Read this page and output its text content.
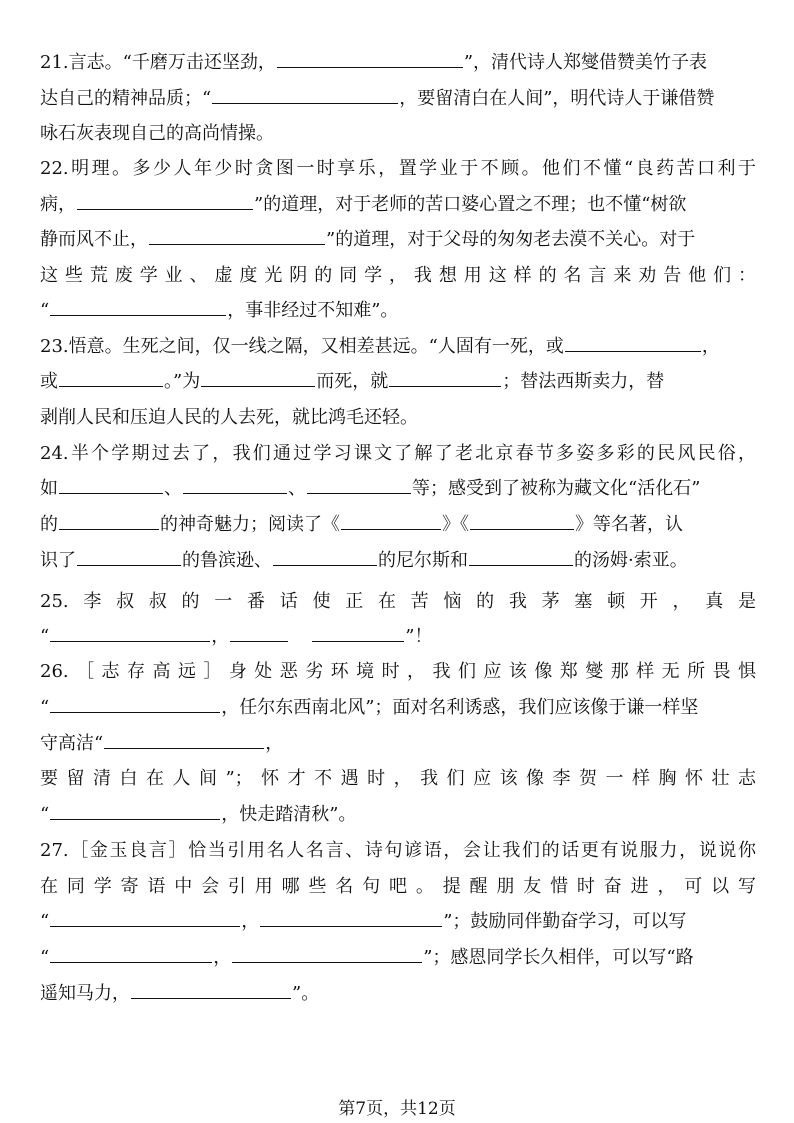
21.言志。“千磨万击还坚劲，	”，清代诗人郑燮借赞美竹子表
达自己的精神品质；“	，要留清白在人间”，明代诗人于谦借赞
咏石灰表现自己的高尚情操。
22.明理。多少人年少时贪图一时享乐，置学业于不顾。他们不懂“良药苦口利于
病，	”的道理，对于老师的苦口婆心置之不理；也不懂“树欲
静而风不止，	”的道理，对于父母的匆匆老去漠不关心。对于
这些荒废学业、虚度光阴的同学，我想用这样的名言来劝告他们：
“	，事非经过不知难”。
23.悟意。生死之间，仅一线之隔，又相差甚远。“人固有一死，或	，
或	。”为	而死，就	；替法西斯卖力，替
剥削人民和压迫人民的人去死，就比鸿毛还轻。
24.半个学期过去了，我们通过学习课文了解了老北京春节多姿多彩的民风民俗，
如	、	、	等；感受到了被称为藏文化“活化石”
的	的神奇魅力；阅读了《	》《	》等名著，认
识了	的鲁滨逊、	的尼尔斯和	的汤姆·索亚。
25.李叔叔的一番话使正在苦恼的我茅塞顿开，真是
“	，	”！
26.［志存高远］身处恶劣环境时，我们应该像郑燮那样无所畏惧
“	，任尔东西南北风”；面对名利诱惑，我们应该像于谦一样坚
守高洁“	，
要留清白在人间”；怀才不遇时，我们应该像李贺一样胸怀壮志
“	，快走踏清秋”。
27.［金玉良言］恰当引用名人名言、诗句谚语，会让我们的话更有说服力，说说你
在同学寄语中会引用哪些名句吧。提醒朋友惜时奋进，可以写
“	，	”；鼓励同伴勤奋学习，可以写
“	，	”；感恩同学长久相伴，可以写“路
遥知马力，	”。
第7页，共12页
